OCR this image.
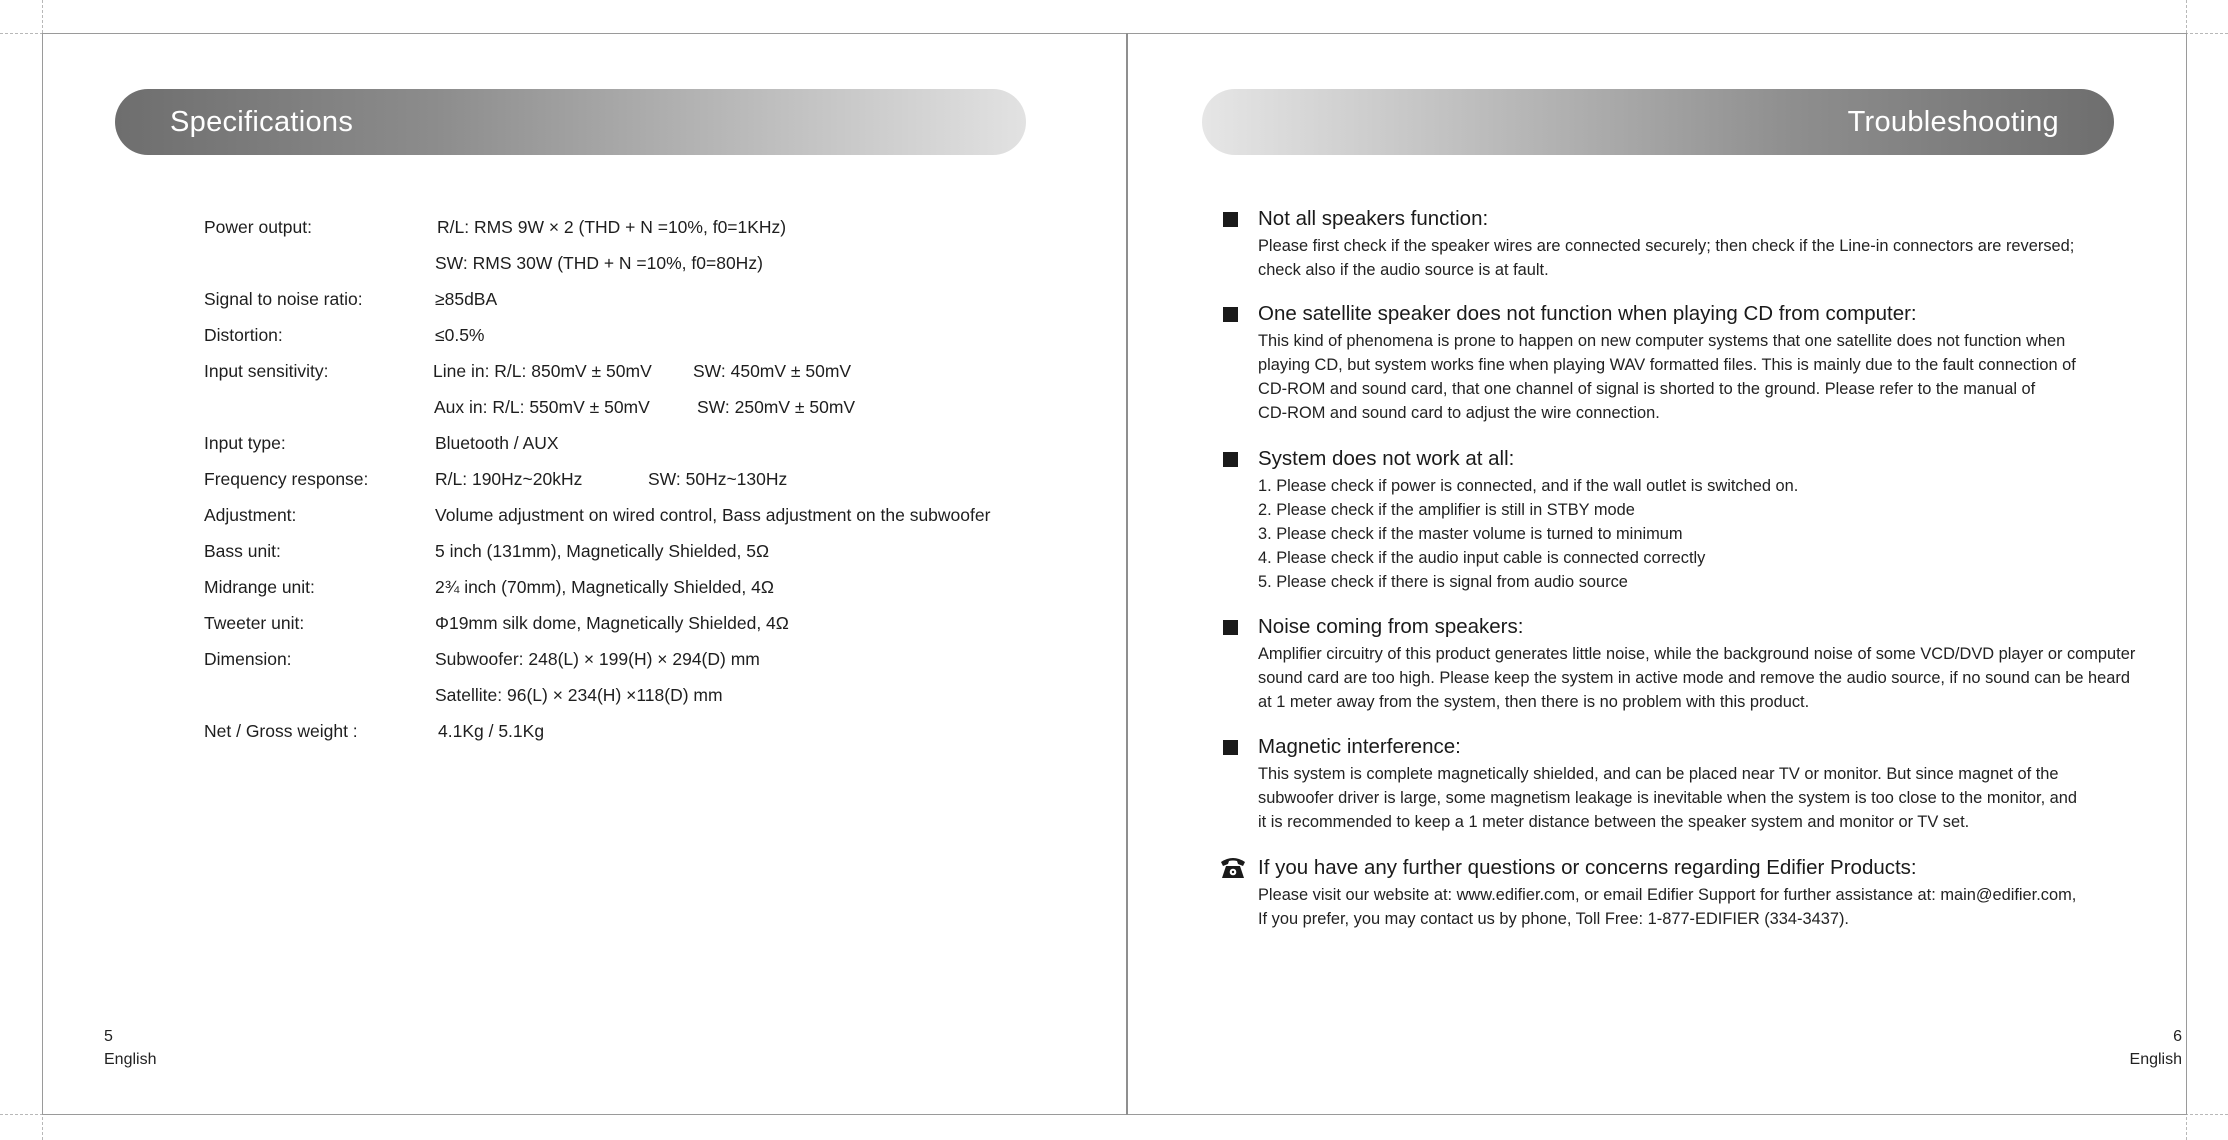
Specifications
Power output:	R/L: RMS 9W × 2 (THD + N =10%, f0=1KHz)
SW: RMS 30W (THD + N =10%, f0=80Hz)
Signal to noise ratio:	≥85dBA
Distortion:	≤0.5%
Input sensitivity:	Line in: R/L: 850mV ± 50mV SW: 450mV ± 50mV
Aux in: R/L: 550mV ± 50mV	SW: 250mV ± 50mV
Input type:	Bluetooth / AUX
Frequency response:	R/L: 190Hz~20kHz	SW: 50Hz~130Hz
Adjustment:	Volume adjustment on wired control, Bass adjustment on the subwoofer
Bass unit:	5 inch (131mm), Magnetically Shielded, 5Ω
Midrange unit:	2¾ inch (70mm), Magnetically Shielded, 4Ω
Tweeter unit:	Φ19mm silk dome, Magnetically Shielded, 4Ω
Dimension:	Subwoofer: 248(L) × 199(H) × 294(D) mm
Satellite: 96(L) × 234(H) ×118(D) mm
Net / Gross weight :	4.1Kg / 5.1Kg
5
English
Troubleshooting
Not all speakers function:
Please first check if the speaker wires are connected securely; then check if the Line-in connectors are reversed;
check also if the audio source is at fault.
One satellite speaker does not function when playing CD from computer:
This kind of phenomena is prone to happen on new computer systems that one satellite does not function when
playing CD, but system works fine when playing WAV formatted files. This is mainly due to the fault connection of
CD-ROM and sound card, that one channel of signal is shorted to the ground. Please refer to the manual of
CD-ROM and sound card to adjust the wire connection.
System does not work at all:
1. Please check if power is connected, and if the wall outlet is switched on.
2. Please check if the amplifier is still in STBY mode
3. Please check if the master volume is turned to minimum
4. Please check if the audio input cable is connected correctly
5. Please check if there is signal from audio source
Noise coming from speakers:
Amplifier circuitry of this product generates little noise, while the background noise of some VCD/DVD player or computer
sound card are too high. Please keep the system in active mode and remove the audio source, if no sound can be heard
at 1 meter away from the system, then there is no problem with this product.
Magnetic interference:
This system is complete magnetically shielded, and can be placed near TV or monitor. But since magnet of the
subwoofer driver is large, some magnetism leakage is inevitable when the system is too close to the monitor, and
it is recommended to keep a 1 meter distance between the speaker system and monitor or TV set.
If you have any further questions or concerns regarding Edifier Products:
Please visit our website at: www.edifier.com, or email Edifier Support for further assistance at: main@edifier.com,
If you prefer, you may contact us by phone, Toll Free: 1-877-EDIFIER (334-3437).
6
English
